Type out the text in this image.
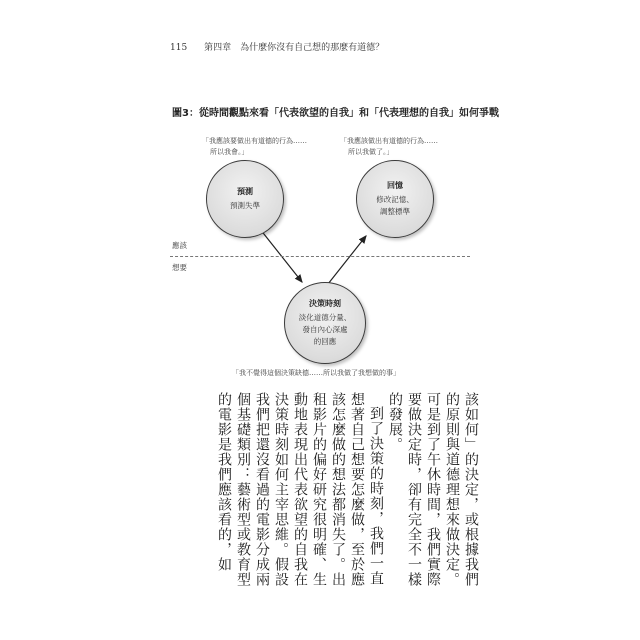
115 第四章　為什麼你沒有自己想的那麼有道德？
圖3：從時間觀點來看「代表欲望的自我」和「代表理想的自我」如何爭戰
「我應該要做出有道德的行為……
所以我會。」
「我應該做出有道德的行為……
所以我做了。」
預測
預測失準
回憶
修改記憶、
調整標準
應該
想要
決策時刻
淡化道德分量、
發自內心深處
的回應
「我不覺得這個決策缺德……所以我做了我想做的事」

該如何」的決定，或根據我們的原則與道德理想來做決定。可是到了午休時間，我們實際要做決定時，卻有完全不一樣的發展。

到了決策的時刻，我們一直想著自己想要怎麼做，至於應該怎麼做的想法都消失了。出租影片的偏好研究很明確、生動地表現出代表欲望的自我在決策時刻如何主宰思維。假設我們把還沒看過的電影分成兩個基礎類別：藝術型或教育型的電影是我們應該看的，如
